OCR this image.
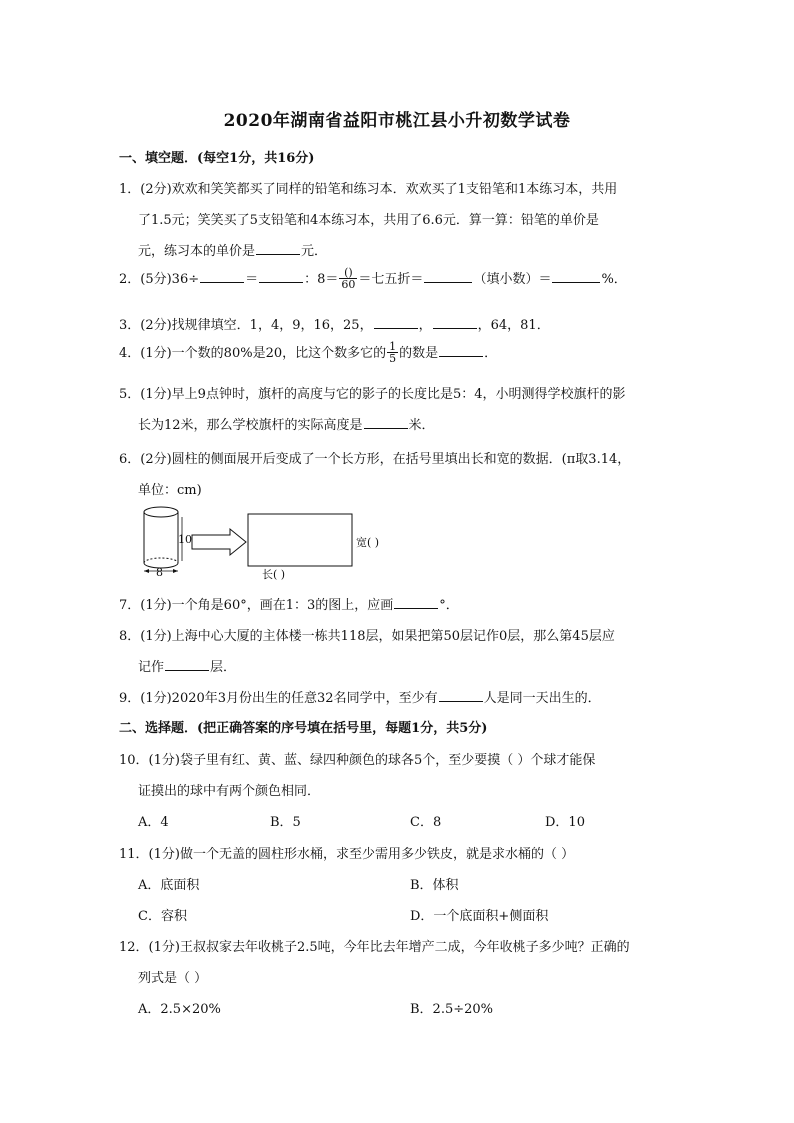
2020年湖南省益阳市桃江县小升初数学试卷
一、填空题．(每空1分，共16分)
1．(2分)欢欢和笑笑都买了同样的铅笔和练习本．欢欢买了1支铅笔和1本练习本，共用
了1.5元；笑笑买了5支铅笔和4本练习本，共用了6.6元．算一算：铅笔的单价是
元，练习本的单价是	元．
2．(5分)36÷	＝	：$8= \frac{()}{60}$ ＝七五折＝	（填小数）＝	%．
3．(2分)找规律填空．1，4，9，16，25，	，	，64，81．
4．(1分)一个数的80%是20，比这个数多它的 $\frac{1}{5}$ 的数是	．
5．(1分)早上9点钟时，旗杆的高度与它的影子的长度比是5：4，小明测得学校旗杆的影
长为12米，那么学校旗杆的实际高度是	米．
6．(2分)圆柱的侧面展开后变成了一个长方形，在括号里填出长和宽的数据．(π取3.14，
单位：cm)
10
8
宽( )
长( )
7．(1分)一个角是60°，画在1：3的图上，应画	°．
8．(1分)上海中心大厦的主体楼一栋共118层，如果把第50层记作0层，那么第45层应
记作	层．
9．(1分)2020年3月份出生的任意32名同学中，至少有	人是同一天出生的．
二、选择题．(把正确答案的序号填在括号里，每题1分，共5分)
10．(1分)袋子里有红、黄、蓝、绿四种颜色的球各5个，至少要摸（ ）个球才能保
证摸出的球中有两个颜色相同．
A．4	B．5	C．8	D．10
11．(1分)做一个无盖的圆柱形水桶，求至少需用多少铁皮，就是求水桶的（ ）
A．底面积	B．体积
C．容积	D．一个底面积+侧面积
12．(1分)王叔叔家去年收桃子2.5吨，今年比去年增产二成，今年收桃子多少吨？正确的
列式是（ ）
A．2.5×20%	B．2.5÷20%
